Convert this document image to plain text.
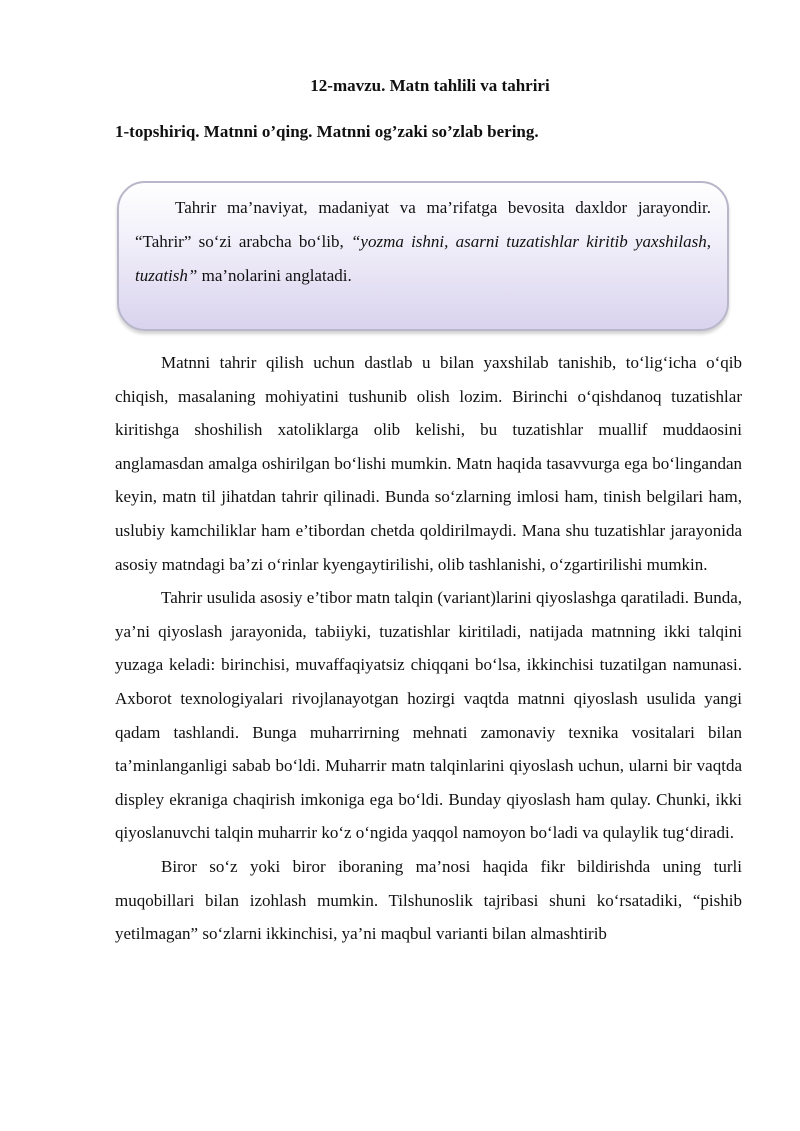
12-mavzu. Matn tahlili va tahriri
1-topshiriq. Matnni o’qing. Matnni og’zaki so’zlab bering.

Tahrir ma’naviyat, madaniyat va ma’rifatga bevosita daxldor jarayondir. “Tahrir” so‘zi arabcha bo‘lib, “yozma ishni, asarni tuzatishlar kiritib yaxshilash, tuzatish” ma’nolarini anglatadi.

Matnni tahrir qilish uchun dastlab u bilan yaxshilab tanishib, to‘lig‘icha o‘qib chiqish, masalaning mohiyatini tushunib olish lozim. Birinchi o‘qishdanoq tuzatishlar kiritishga shoshilish xatoliklarga olib kelishi, bu tuzatishlar muallif muddaosini anglamasdan amalga oshirilgan bo‘lishi mumkin. Matn haqida tasavvurga ega bo‘lingandan keyin, matn til jihatdan tahrir qilinadi. Bunda so‘zlarning imlosi ham, tinish belgilari ham, uslubiy kamchiliklar ham e’tibordan chetda qoldirilmaydi. Mana shu tuzatishlar jarayonida asosiy matndagi ba’zi o‘rinlar kyengaytirilishi, olib tashlanishi, o‘zgartirilishi mumkin.

Tahrir usulida asosiy e’tibor matn talqin (variant)larini qiyoslashga qaratiladi. Bunda, ya’ni qiyoslash jarayonida, tabiiyki, tuzatishlar kiritiladi, natijada matnning ikki talqini yuzaga keladi: birinchisi, muvaffaqiyatsiz chiqqani bo‘lsa, ikkinchisi tuzatilgan namunasi. Axborot texnologiyalari rivojlanayotgan hozirgi vaqtda matnni qiyoslash usulida yangi qadam tashlandi. Bunga muharrirning mehnati zamonaviy texnika vositalari bilan ta’minlanganligi sabab bo‘ldi. Muharrir matn talqinlarini qiyoslash uchun, ularni bir vaqtda displey ekraniga chaqirish imkoniga ega bo‘ldi. Bunday qiyoslash ham qulay. Chunki, ikki qiyoslanuvchi talqin muharrir ko‘z o‘ngida yaqqol namoyon bo‘ladi va qulaylik tug‘diradi.

Biror so‘z yoki biror iboraning ma’nosi haqida fikr bildirishda uning turli muqobillari bilan izohlash mumkin. Tilshunoslik tajribasi shuni ko‘rsatadiki, “pishib yetilmagan” so‘zlarni ikkinchisi, ya’ni maqbul varianti bilan almashtirib
